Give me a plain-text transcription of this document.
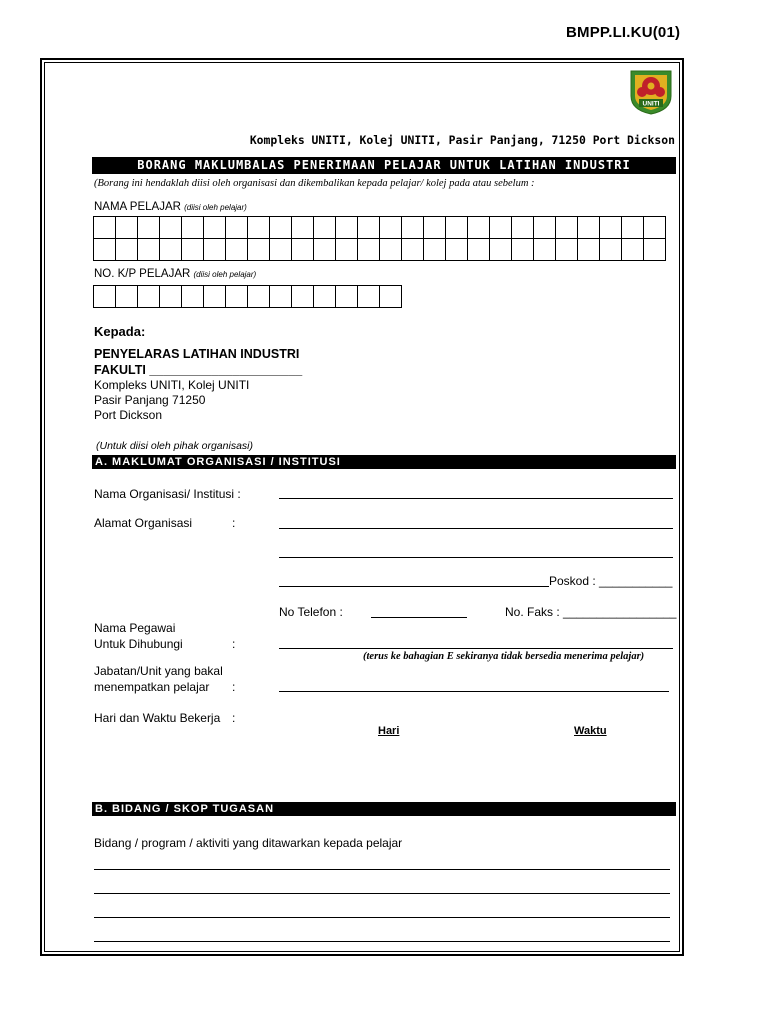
BMPP.LI.KU(01)
UNITI
Kompleks UNITI, Kolej UNITI, Pasir Panjang, 71250 Port Dickson
BORANG MAKLUMBALAS PENERIMAAN PELAJAR UNTUK LATIHAN INDUSTRI
(Borang ini hendaklah diisi oleh organisasi dan dikembalikan kepada pelajar/ kolej pada atau sebelum :
NAMA PELAJAR (diisi oleh pelajar)

NO. K/P PELAJAR (diisi oleh pelajar)

Kepada:
PENYELARAS LATIHAN INDUSTRI
FAKULTI ______________________
Kompleks UNITI, Kolej UNITI
Pasir Panjang 71250
Port Dickson
(Untuk diisi oleh pihak organisasi)
A. MAKLUMAT ORGANISASI / INSTITUSI
Nama Organisasi/ Institusi :
Alamat Organisasi	:
Poskod : ___________
No Telefon :	No. Faks : _________________
Nama Pegawai
Untuk Dihubungi	:
(terus ke bahagian E sekiranya tidak bersedia menerima pelajar)
Jabatan/Unit yang bakal
menempatkan pelajar :
Hari dan Waktu Bekerja :
Hari	Waktu
B. BIDANG / SKOP TUGASAN
Bidang / program / aktiviti yang ditawarkan kepada pelajar
